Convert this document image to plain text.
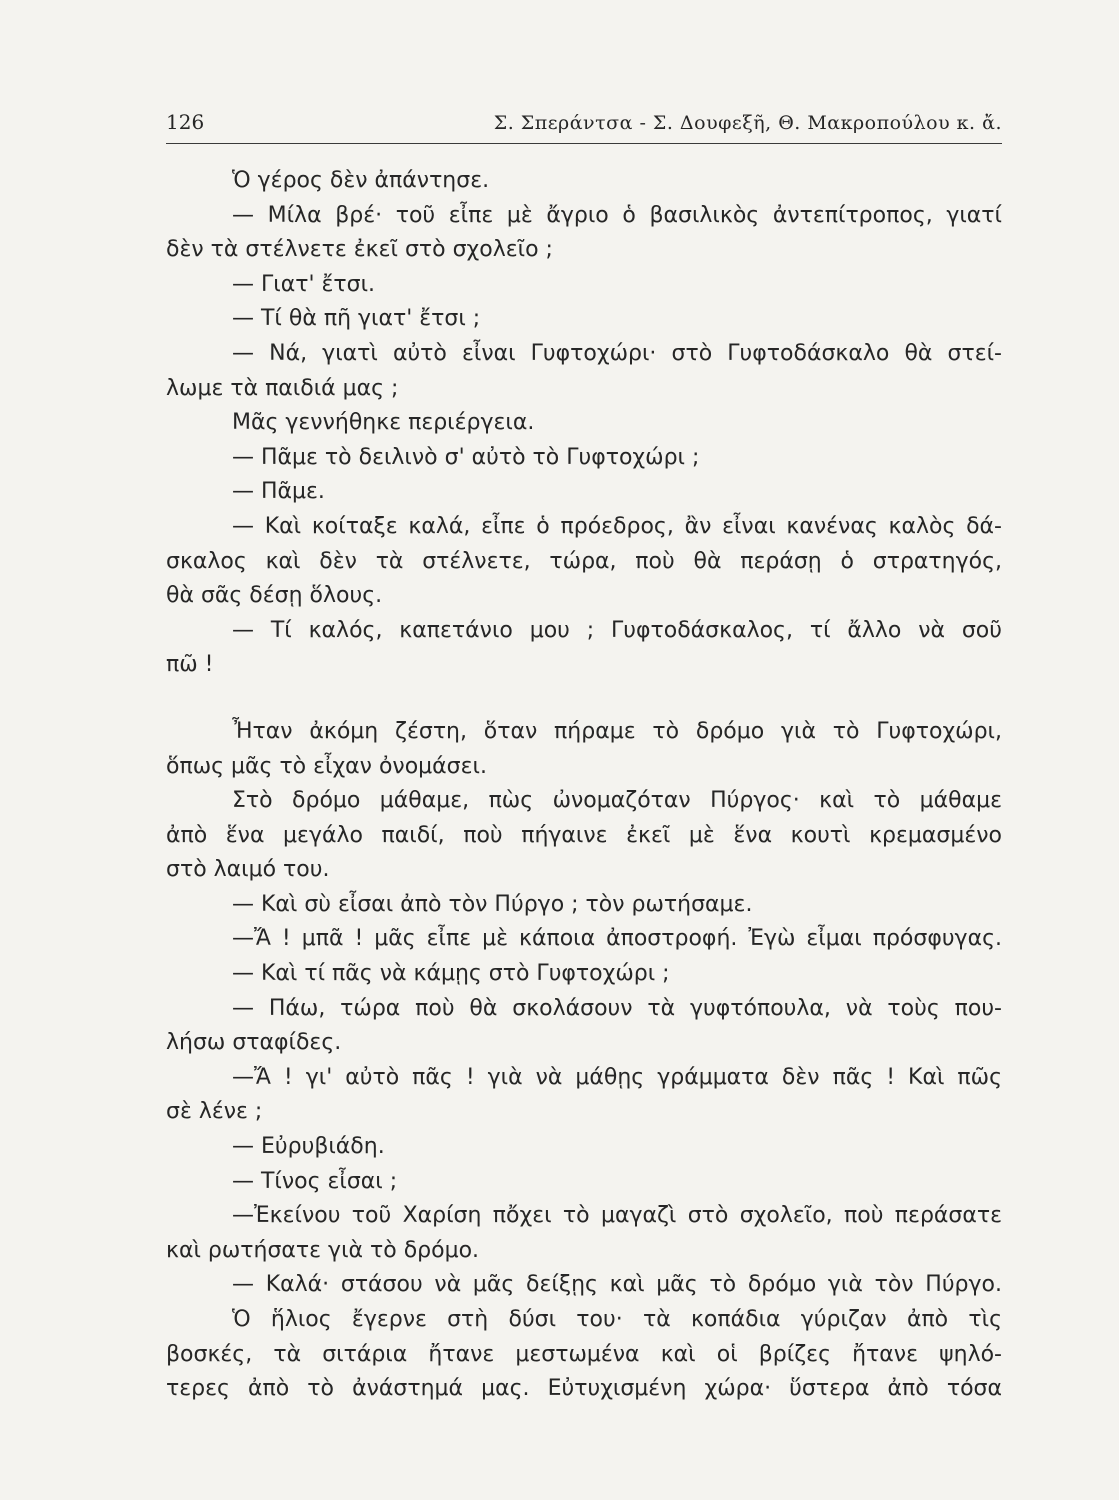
126	Σ. Σπεράντσα - Σ. Δουφεξῆ, Θ. Μακροπούλου κ. ἄ.
Ὁ γέρος δὲν ἀπάντησε.
— Μίλα βρέ· τοῦ εἶπε μὲ ἄγριο ὁ βασιλικὸς ἀντεπίτροπος, γιατί
δὲν τὰ στέλνετε ἐκεῖ στὸ σχολεῖο ;
— Γιατ' ἔτσι.
— Τί θὰ πῆ γιατ' ἔτσι ;
— Νά, γιατὶ αὐτὸ εἶναι Γυφτοχώρι· στὸ Γυφτοδάσκαλο θὰ στεί-
λωμε τὰ παιδιά μας ;
Μᾶς γεννήθηκε περιέργεια.
— Πᾶμε τὸ δειλινὸ σ' αὐτὸ τὸ Γυφτοχώρι ;
— Πᾶμε.
— Καὶ κοίταξε καλά, εἶπε ὁ πρόεδρος, ἂν εἶναι κανένας καλὸς δά-
σκαλος καὶ δὲν τὰ στέλνετε, τώρα, ποὺ θὰ περάσῃ ὁ στρατηγός,
θὰ σᾶς δέσῃ ὅλους.
— Τί καλός, καπετάνιο μου ; Γυφτοδάσκαλος, τί ἄλλο νὰ σοῦ
πῶ !
Ἦταν ἀκόμη ζέστη, ὅταν πήραμε τὸ δρόμο γιὰ τὸ Γυφτοχώρι,
ὅπως μᾶς τὸ εἶχαν ὀνομάσει.
Στὸ δρόμο μάθαμε, πὼς ὠνομαζόταν Πύργος· καὶ τὸ μάθαμε
ἀπὸ ἕνα μεγάλο παιδί, ποὺ πήγαινε ἐκεῖ μὲ ἕνα κουτὶ κρεμασμένο
στὸ λαιμό του.
— Καὶ σὺ εἶσαι ἀπὸ τὸν Πύργο ; τὸν ρωτήσαμε.
—Ἄ ! μπᾶ ! μᾶς εἶπε μὲ κάποια ἀποστροφή. Ἐγὼ εἶμαι πρόσφυγας.
— Καὶ τί πᾶς νὰ κάμῃς στὸ Γυφτοχώρι ;
— Πάω, τώρα ποὺ θὰ σκολάσουν τὰ γυφτόπουλα, νὰ τοὺς που-
λήσω σταφίδες.
—Ἄ ! γι' αὐτὸ πᾶς ! γιὰ νὰ μάθῃς γράμματα δὲν πᾶς ! Καὶ πῶς
σὲ λένε ;
— Εὐρυβιάδη.
— Τίνος εἶσαι ;
—Ἐκείνου τοῦ Χαρίση πὄχει τὸ μαγαζὶ στὸ σχολεῖο, ποὺ περάσατε
καὶ ρωτήσατε γιὰ τὸ δρόμο.
— Καλά· στάσου νὰ μᾶς δείξῃς καὶ μᾶς τὸ δρόμο γιὰ τὸν Πύργο.
Ὁ ἥλιος ἔγερνε στὴ δύσι του· τὰ κοπάδια γύριζαν ἀπὸ τὶς
βοσκές, τὰ σιτάρια ἤτανε μεστωμένα καὶ οἱ βρίζες ἤτανε ψηλό-
τερες ἀπὸ τὸ ἀνάστημά μας. Εὐτυχισμένη χώρα· ὕστερα ἀπὸ τόσα
